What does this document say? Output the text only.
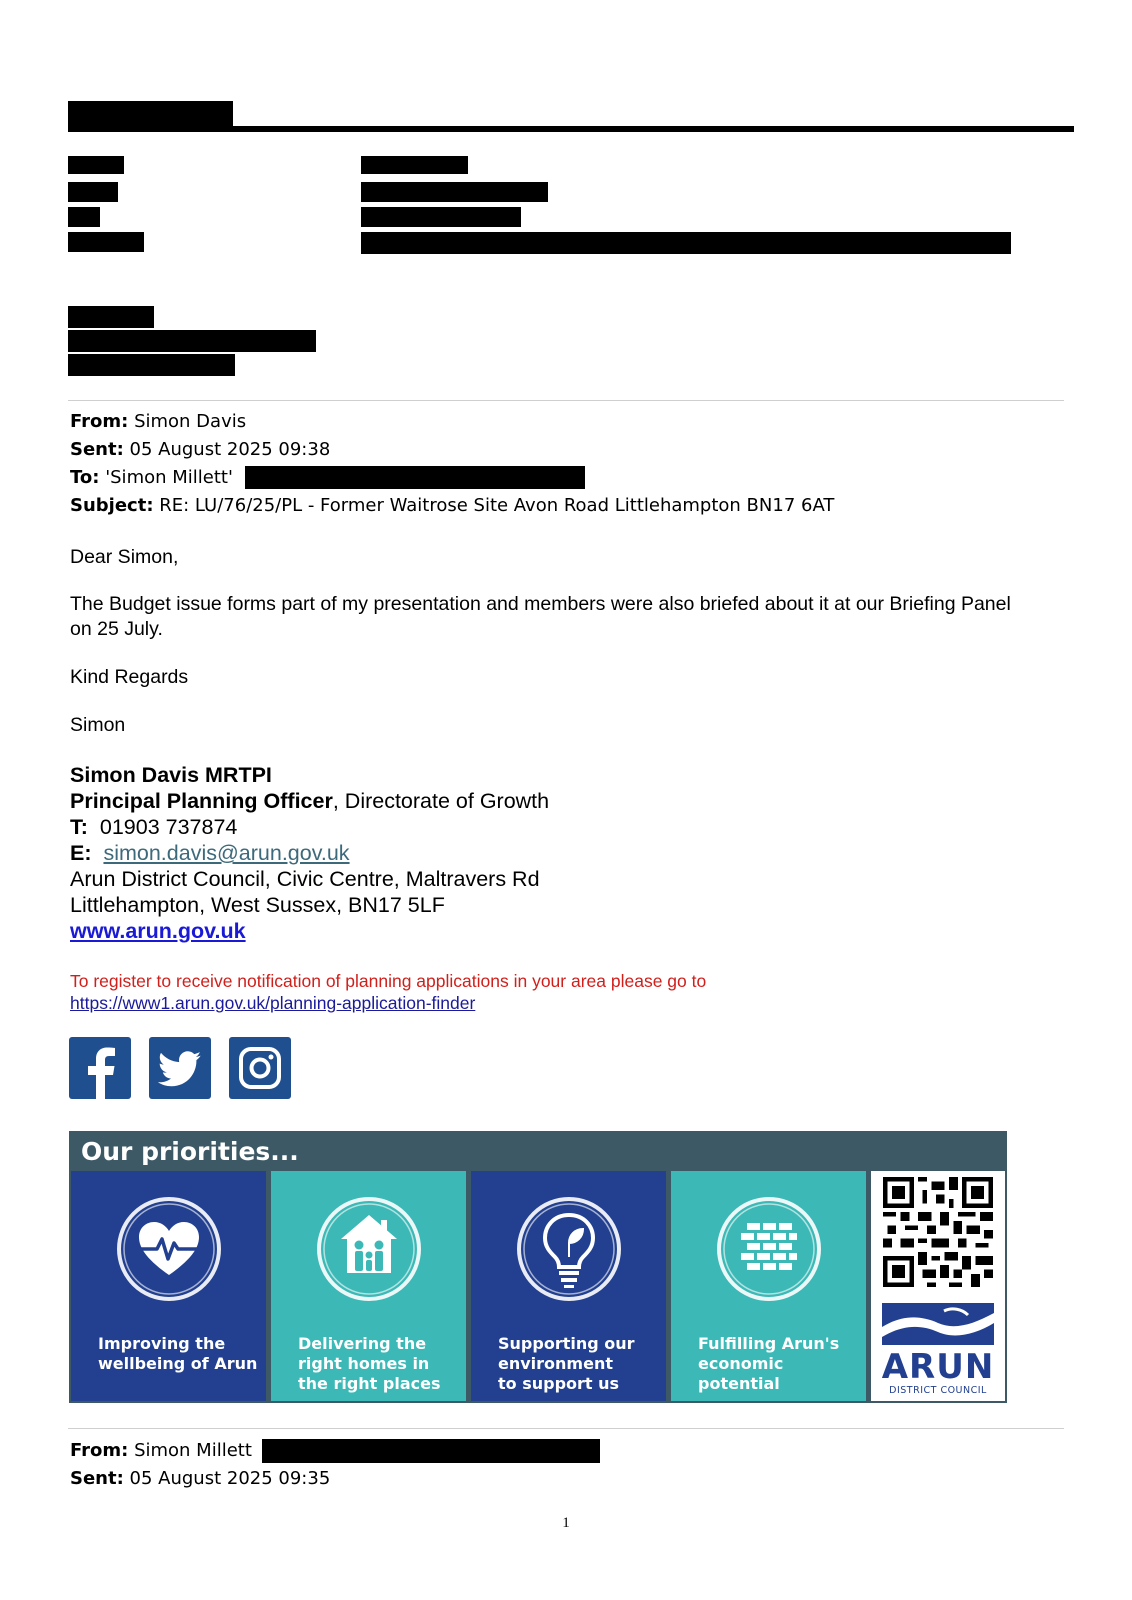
From: Simon Davis
Sent: 05 August 2025 09:38
To: 'Simon Millett'
Subject: RE: LU/76/25/PL - Former Waitrose Site Avon Road Littlehampton BN17 6AT
Dear Simon,
The Budget issue forms part of my presentation and members were also briefed about it at our Briefing Panel on 25 July.
Kind Regards
Simon
Simon Davis MRTPI
Principal Planning Officer, Directorate of Growth
T: 01903 737874
E: simon.davis@arun.gov.uk
Arun District Council, Civic Centre, Maltravers Rd
Littlehampton, West Sussex, BN17 5LF
www.arun.gov.uk
To register to receive notification of planning applications in your area please go to
https://www1.arun.gov.uk/planning-application-finder
Our priorities...
Improving the
wellbeing of Arun
Delivering the
right homes in
the right places
Supporting our
environment
to support us
Fulfilling Arun's
economic potential	ARUN
DISTRICT COUNCIL
From: Simon Millett
Sent: 05 August 2025 09:35
1
